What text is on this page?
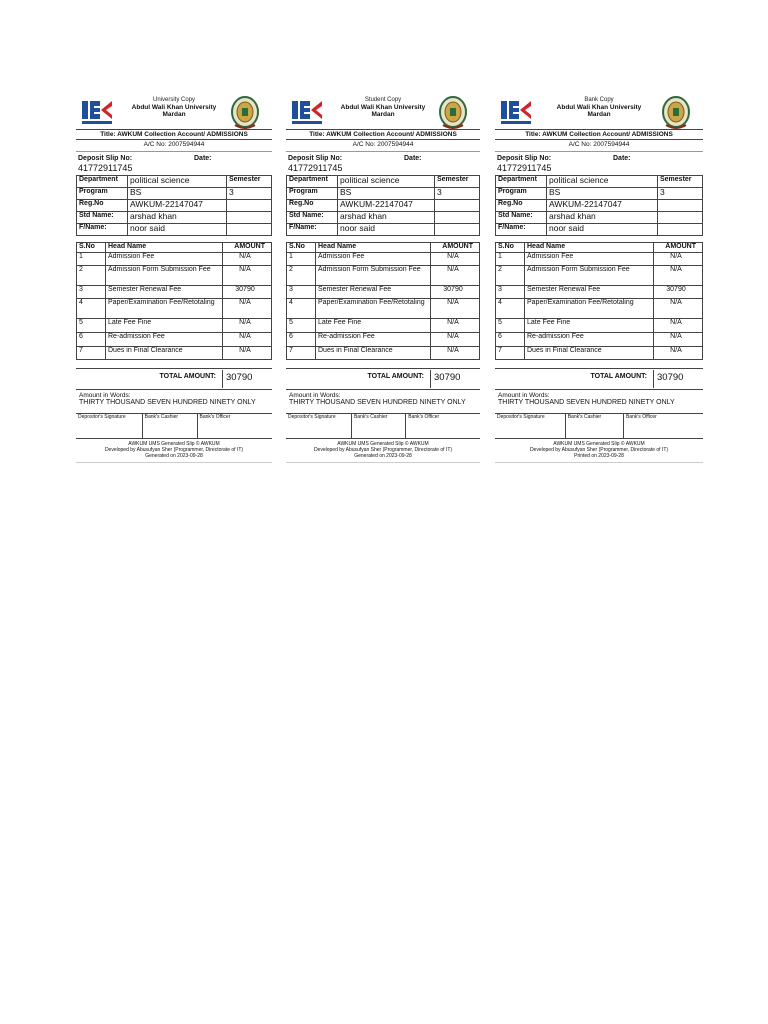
University Copy
Abdul Wali Khan University
Mardan
Title: AWKUM Collection Account/ ADMISSIONS
A/C No: 2007594944
Deposit Slip No:	Date:
41772911745
Department	political science	Semester
Program	BS	3
Reg.No	AWKUM-22147047	
Std Name:	arshad khan	
F/Name:	noor said	
S.No	Head Name	AMOUNT
1	Admission Fee	N/A
2	Admission Form Submission Fee	N/A
3	Semester Renewal Fee	30790
4	Paper/Examination Fee/Retotaling	N/A
5	Late Fee Fine	N/A
6	Re-admission Fee	N/A
7	Dues in Final Clearance	N/A
TOTAL AMOUNT:	30790
Amount in Words:
THIRTY THOUSAND SEVEN HUNDRED NINETY ONLY
Depositor's Signature	Bank's Cashier	Bank's Officer
AWKUM UMS Generated Slip © AWKUM
Developed by Abusufyan Sher (Programmer, Directorate of IT)
Generated on 2023-09-28
Student Copy
Abdul Wali Khan University
Mardan
Title: AWKUM Collection Account/ ADMISSIONS
A/C No: 2007594944
Deposit Slip No:	Date:
41772911745
Department	political science	Semester
Program	BS	3
Reg.No	AWKUM-22147047	
Std Name:	arshad khan	
F/Name:	noor said	
S.No	Head Name	AMOUNT
1	Admission Fee	N/A
2	Admission Form Submission Fee	N/A
3	Semester Renewal Fee	30790
4	Paper/Examination Fee/Retotaling	N/A
5	Late Fee Fine	N/A
6	Re-admission Fee	N/A
7	Dues in Final Clearance	N/A
TOTAL AMOUNT:	30790
Amount in Words:
THIRTY THOUSAND SEVEN HUNDRED NINETY ONLY
Depositor's Signature	Bank's Cashier	Bank's Officer
AWKUM UMS Generated Slip © AWKUM
Developed by Abusufyan Sher (Programmer, Directorate of IT)
Generated on 2023-09-28
Bank Copy
Abdul Wali Khan University
Mardan
Title: AWKUM Collection Account/ ADMISSIONS
A/C No: 2007594944
Deposit Slip No:	Date:
41772911745
Department	political science	Semester
Program	BS	3
Reg.No	AWKUM-22147047	
Std Name:	arshad khan	
F/Name:	noor said	
S.No	Head Name	AMOUNT
1	Admission Fee	N/A
2	Admission Form Submission Fee	N/A
3	Semester Renewal Fee	30790
4	Paper/Examination Fee/Retotaling	N/A
5	Late Fee Fine	N/A
6	Re-admission Fee	N/A
7	Dues in Final Clearance	N/A
TOTAL AMOUNT:	30790
Amount in Words:
THIRTY THOUSAND SEVEN HUNDRED NINETY ONLY
Depositor's Signature	Bank's Cashier	Bank's Officer
AWKUM UMS Generated Slip © AWKUM
Developed by Abusufyan Sher (Programmer, Directorate of IT)
Printed on 2023-09-28
